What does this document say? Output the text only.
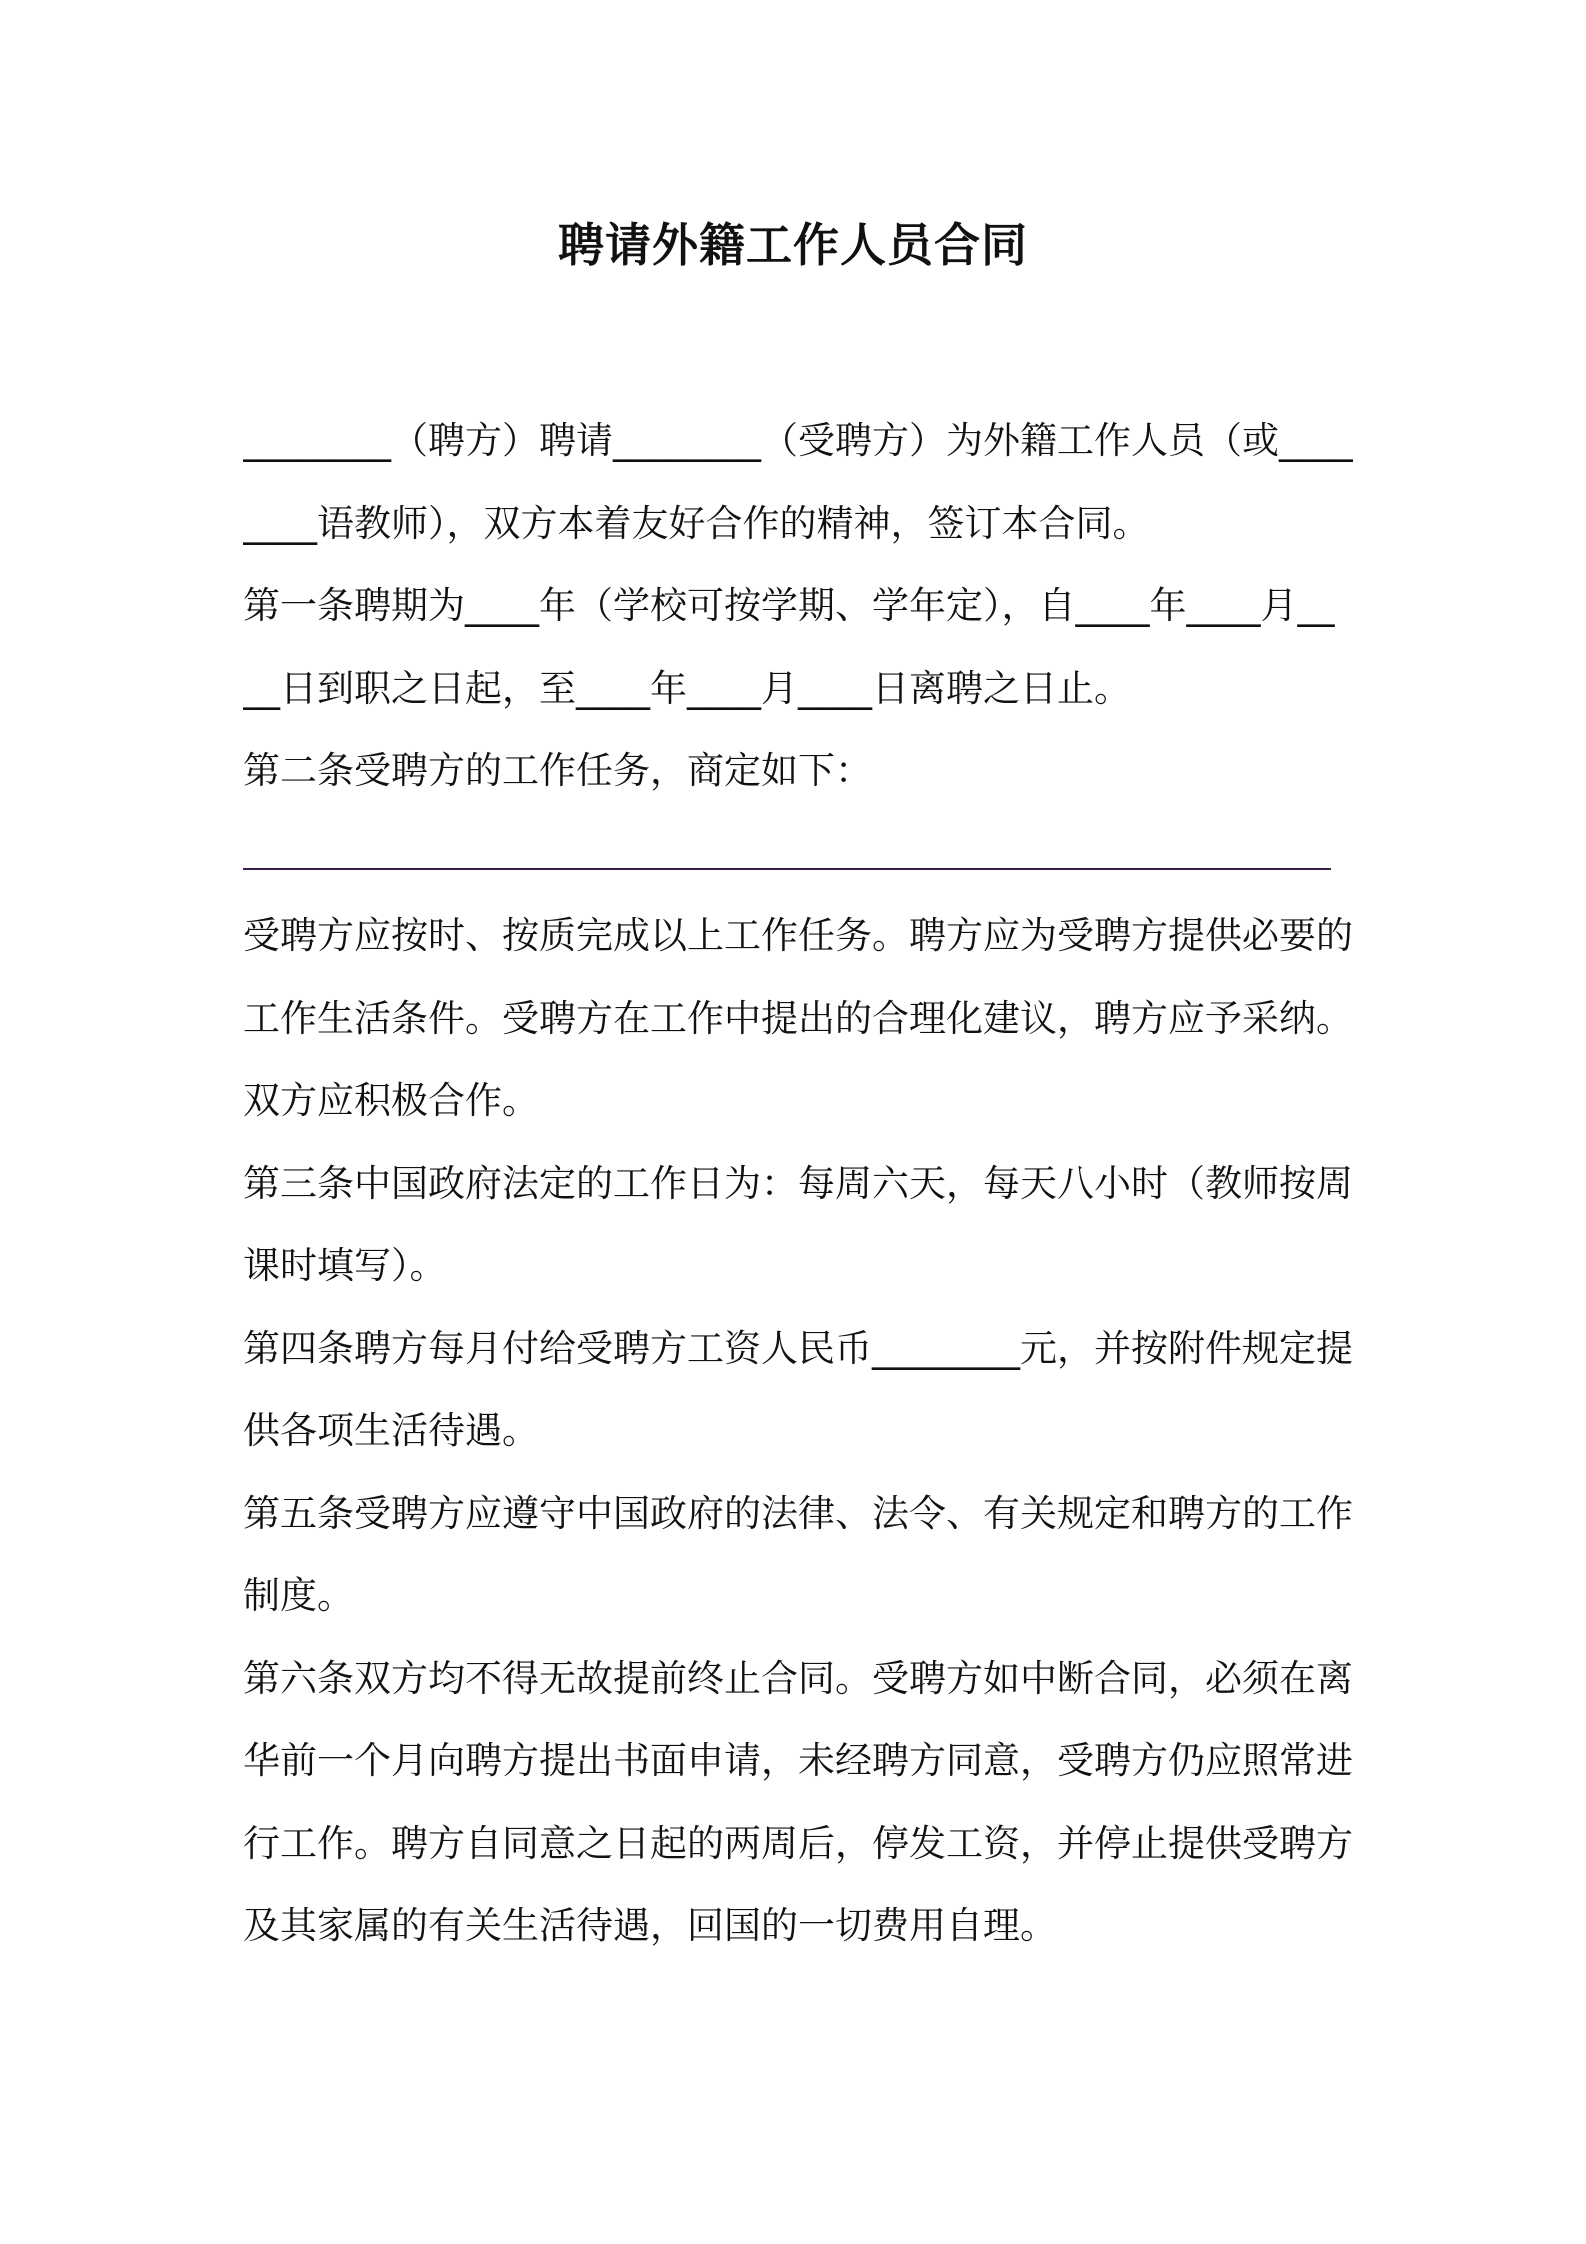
聘请外籍工作人员合同
________（聘方）聘请________（受聘方）为外籍工作人员（或____
____语教师），双方本着友好合作的精神，签订本合同。
第一条聘期为____年（学校可按学期、学年定），自____年____月__
__日到职之日起，至____年____月____日离聘之日止。
第二条受聘方的工作任务，商定如下：
受聘方应按时、按质完成以上工作任务。聘方应为受聘方提供必要的
工作生活条件。受聘方在工作中提出的合理化建议，聘方应予采纳。
双方应积极合作。
第三条中国政府法定的工作日为：每周六天，每天八小时（教师按周
课时填写）。
第四条聘方每月付给受聘方工资人民币________元，并按附件规定提
供各项生活待遇。
第五条受聘方应遵守中国政府的法律、法令、有关规定和聘方的工作
制度。
第六条双方均不得无故提前终止合同。受聘方如中断合同，必须在离
华前一个月向聘方提出书面申请，未经聘方同意，受聘方仍应照常进
行工作。聘方自同意之日起的两周后，停发工资，并停止提供受聘方
及其家属的有关生活待遇，回国的一切费用自理。
